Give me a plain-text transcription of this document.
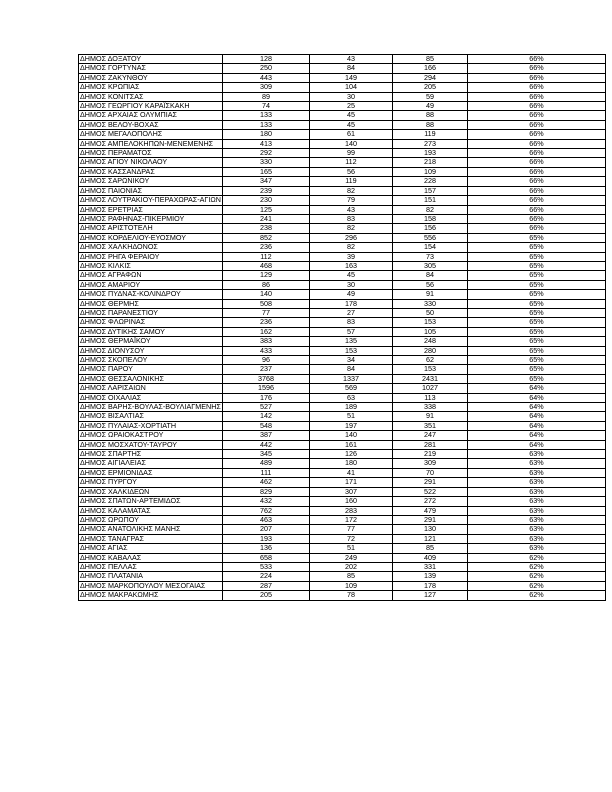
ΔΗΜΟΣ ΔΟΞΑΤΟΥ	128	43	85	66%
ΔΗΜΟΣ ΓΟΡΤΥΝΑΣ	250	84	166	66%
ΔΗΜΟΣ ΖΑΚΥΝΘΟΥ	443	149	294	66%
ΔΗΜΟΣ ΚΡΩΠΙΑΣ	309	104	205	66%
ΔΗΜΟΣ ΚΟΝΙΤΣΑΣ	89	30	59	66%
ΔΗΜΟΣ ΓΕΩΡΓΙΟΥ ΚΑΡΑΪΣΚΑΚΗ	74	25	49	66%
ΔΗΜΟΣ ΑΡΧΑΙΑΣ ΟΛΥΜΠΙΑΣ	133	45	88	66%
ΔΗΜΟΣ ΒΕΛΟΥ-ΒΟΧΑΣ	133	45	88	66%
ΔΗΜΟΣ ΜΕΓΑΛΟΠΟΛΗΣ	180	61	119	66%
ΔΗΜΟΣ ΑΜΠΕΛΟΚΗΠΩΝ-ΜΕΝΕΜΕΝΗΣ	413	140	273	66%
ΔΗΜΟΣ ΠΕΡΑΜΑΤΟΣ	292	99	193	66%
ΔΗΜΟΣ ΑΓΙΟΥ ΝΙΚΟΛΑΟΥ	330	112	218	66%
ΔΗΜΟΣ ΚΑΣΣΑΝΔΡΑΣ	165	56	109	66%
ΔΗΜΟΣ ΣΑΡΩΝΙΚΟΥ	347	119	228	66%
ΔΗΜΟΣ ΠΑΙΟΝΙΑΣ	239	82	157	66%
ΔΗΜΟΣ ΛΟΥΤΡΑΚΙΟΥ-ΠΕΡΑΧΩΡΑΣ-ΑΓΙΩΝ	230	79	151	66%
ΔΗΜΟΣ ΕΡΕΤΡΙΑΣ	125	43	82	66%
ΔΗΜΟΣ ΡΑΦΗΝΑΣ-ΠΙΚΕΡΜΙΟΥ	241	83	158	66%
ΔΗΜΟΣ ΑΡΙΣΤΟΤΕΛΗ	238	82	156	66%
ΔΗΜΟΣ ΚΟΡΔΕΛΙΟΥ-ΕΥΟΣΜΟΥ	852	296	556	65%
ΔΗΜΟΣ ΧΑΛΚΗΔΟΝΟΣ	236	82	154	65%
ΔΗΜΟΣ ΡΗΓΑ ΦΕΡΑΙΟΥ	112	39	73	65%
ΔΗΜΟΣ ΚΙΛΚΙΣ	468	163	305	65%
ΔΗΜΟΣ ΑΓΡΑΦΩΝ	129	45	84	65%
ΔΗΜΟΣ ΑΜΑΡΙΟΥ	86	30	56	65%
ΔΗΜΟΣ ΠΥΔΝΑΣ-ΚΟΛΙΝΔΡΟΥ	140	49	91	65%
ΔΗΜΟΣ ΘΕΡΜΗΣ	508	178	330	65%
ΔΗΜΟΣ ΠΑΡΑΝΕΣΤΙΟΥ	77	27	50	65%
ΔΗΜΟΣ ΦΛΩΡΙΝΑΣ	236	83	153	65%
ΔΗΜΟΣ ΔΥΤΙΚΗΣ ΣΑΜΟΥ	162	57	105	65%
ΔΗΜΟΣ ΘΕΡΜΑΪΚΟΥ	383	135	248	65%
ΔΗΜΟΣ ΔΙΟΝΥΣΟΥ	433	153	280	65%
ΔΗΜΟΣ ΣΚΟΠΕΛΟΥ	96	34	62	65%
ΔΗΜΟΣ ΠΑΡΟΥ	237	84	153	65%
ΔΗΜΟΣ ΘΕΣΣΑΛΟΝΙΚΗΣ	3768	1337	2431	65%
ΔΗΜΟΣ ΛΑΡΙΣΑΙΩΝ	1596	569	1027	64%
ΔΗΜΟΣ ΟΙΧΑΛΙΑΣ	176	63	113	64%
ΔΗΜΟΣ ΒΑΡΗΣ-ΒΟΥΛΑΣ-ΒΟΥΛΙΑΓΜΕΝΗΣ	527	189	338	64%
ΔΗΜΟΣ ΒΙΣΑΛΤΙΑΣ	142	51	91	64%
ΔΗΜΟΣ ΠΥΛΑΙΑΣ-ΧΟΡΤΙΑΤΗ	548	197	351	64%
ΔΗΜΟΣ ΩΡΑΙΟΚΑΣΤΡΟΥ	387	140	247	64%
ΔΗΜΟΣ ΜΟΣΧΑΤΟΥ-ΤΑΥΡΟΥ	442	161	281	64%
ΔΗΜΟΣ ΣΠΑΡΤΗΣ	345	126	219	63%
ΔΗΜΟΣ ΑΙΓΙΑΛΕΙΑΣ	489	180	309	63%
ΔΗΜΟΣ ΕΡΜΙΟΝΙΔΑΣ	111	41	70	63%
ΔΗΜΟΣ ΠΥΡΓΟΥ	462	171	291	63%
ΔΗΜΟΣ ΧΑΛΚΙΔΕΩΝ	829	307	522	63%
ΔΗΜΟΣ ΣΠΑΤΩΝ-ΑΡΤΕΜΙΔΟΣ	432	160	272	63%
ΔΗΜΟΣ ΚΑΛΑΜΑΤΑΣ	762	283	479	63%
ΔΗΜΟΣ ΩΡΩΠΟΥ	463	172	291	63%
ΔΗΜΟΣ ΑΝΑΤΟΛΙΚΗΣ ΜΑΝΗΣ	207	77	130	63%
ΔΗΜΟΣ ΤΑΝΑΓΡΑΣ	193	72	121	63%
ΔΗΜΟΣ ΑΓΙΑΣ	136	51	85	63%
ΔΗΜΟΣ ΚΑΒΑΛΑΣ	658	249	409	62%
ΔΗΜΟΣ ΠΕΛΛΑΣ	533	202	331	62%
ΔΗΜΟΣ ΠΛΑΤΑΝΙΑ	224	85	139	62%
ΔΗΜΟΣ ΜΑΡΚΟΠΟΥΛΟΥ ΜΕΣΟΓΑΙΑΣ	287	109	178	62%
ΔΗΜΟΣ ΜΑΚΡΑΚΩΜΗΣ	205	78	127	62%
